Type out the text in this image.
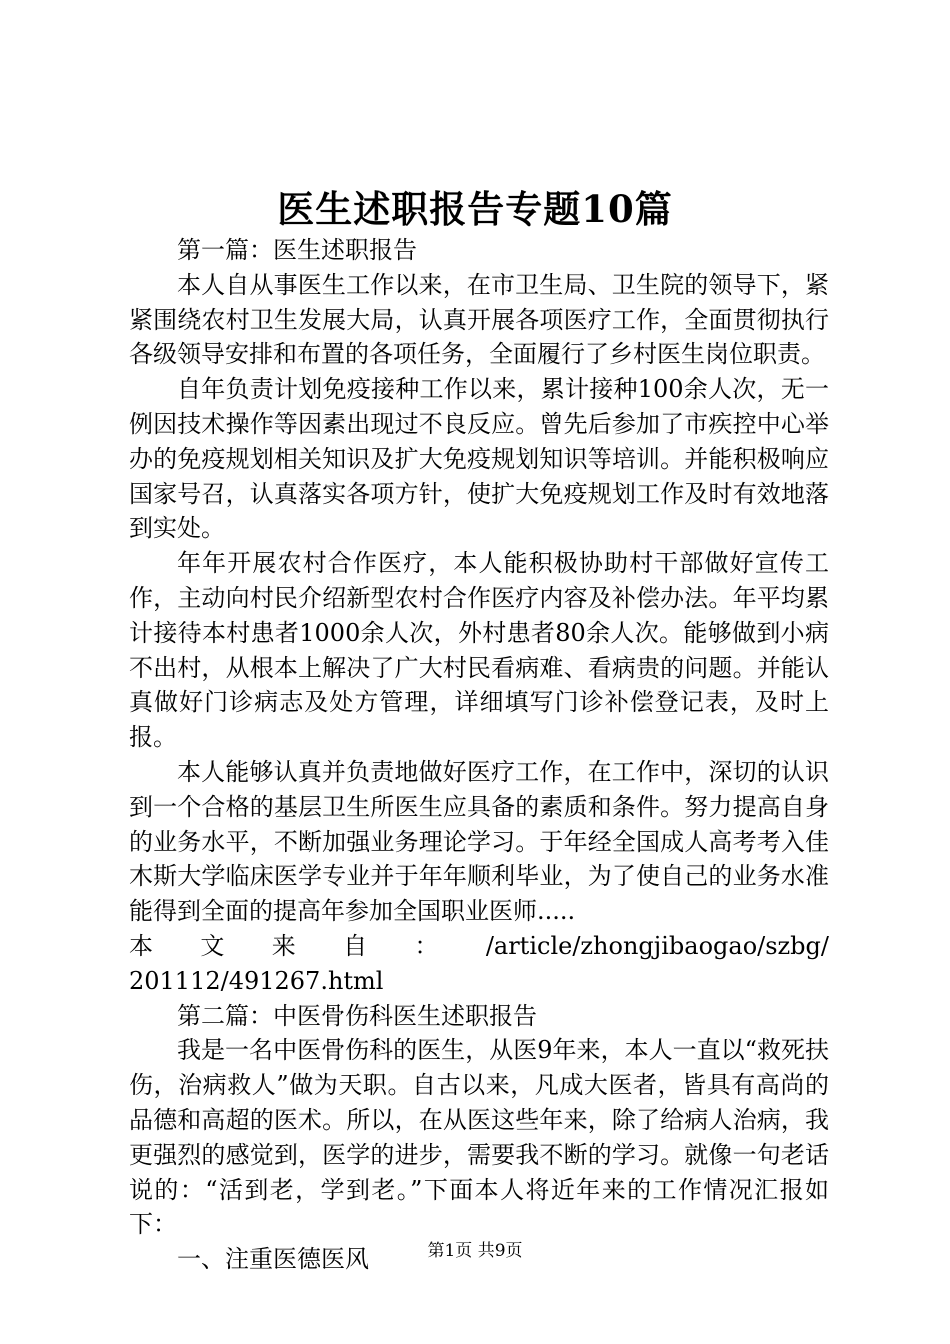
医生述职报告专题10篇

第一篇：医生述职报告

本人自从事医生工作以来，在市卫生局、卫生院的领导下，紧紧围绕农村卫生发展大局，认真开展各项医疗工作，全面贯彻执行各级领导安排和布置的各项任务，全面履行了乡村医生岗位职责。

自年负责计划免疫接种工作以来，累计接种100余人次，无一例因技术操作等因素出现过不良反应。曾先后参加了市疾控中心举办的免疫规划相关知识及扩大免疫规划知识等培训。并能积极响应国家号召，认真落实各项方针，使扩大免疫规划工作及时有效地落到实处。

年年开展农村合作医疗，本人能积极协助村干部做好宣传工作，主动向村民介绍新型农村合作医疗内容及补偿办法。年平均累计接待本村患者1000余人次，外村患者80余人次。能够做到小病不出村，从根本上解决了广大村民看病难、看病贵的问题。并能认真做好门诊病志及处方管理，详细填写门诊补偿登记表，及时上报。

本人能够认真并负责地做好医疗工作，在工作中，深切的认识到一个合格的基层卫生所医生应具备的素质和条件。努力提高自身的业务水平，不断加强业务理论学习。于年经全国成人高考考入佳木斯大学临床医学专业并于年年顺利毕业，为了使自己的业务水准能得到全面的提高年参加全国职业医师.....

本 文 来 自 ： /article/zhongjibaogao/szbg/
201112/491267.html

第二篇：中医骨伤科医生述职报告

我是一名中医骨伤科的医生，从医9年来，本人一直以“救死扶伤，治病救人”做为天职。自古以来，凡成大医者，皆具有高尚的品德和高超的医术。所以，在从医这些年来，除了给病人治病，我更强烈的感觉到，医学的进步，需要我不断的学习。就像一句老话说的：“活到老，学到老。”下面本人将近年来的工作情况汇报如下：

一、注重医德医风	第1页 共9页
